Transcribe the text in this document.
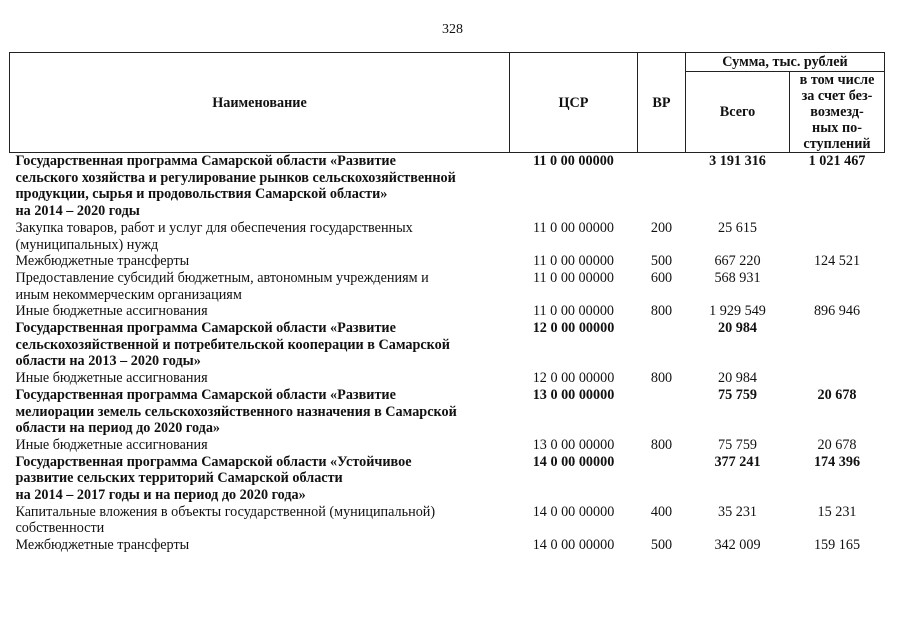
328
Наименование	ЦСР	ВР	Сумма, тыс. рублей	
			Всего	в том числе
за счет без-
возмезд-
ных по-
ступлений

Государственная программа Самарской области «Развитие
сельского хозяйства и регулирование рынков сельскохозяйственной
продукции, сырья и продовольствия Самарской области»
на 2014 – 2020 годы	11 0 00 00000		3 191 316	1 021 467

Закупка товаров, работ и услуг для обеспечения государственных
(муниципальных) нужд	11 0 00 00000	200	25 615	

Межбюджетные трансферты	11 0 00 00000	500	667 220	124 521

Предоставление субсидий бюджетным, автономным учреждениям и
иным некоммерческим организациям	11 0 00 00000	600	568 931	

Иные бюджетные ассигнования	11 0 00 00000	800	1 929 549	896 946

Государственная программа Самарской области «Развитие
сельскохозяйственной и потребительской кооперации в Самарской
области на 2013 – 2020 годы»	12 0 00 00000		20 984	

Иные бюджетные ассигнования	12 0 00 00000	800	20 984	

Государственная программа Самарской области «Развитие
мелиорации земель сельскохозяйственного назначения в Самарской
области на период до 2020 года»	13 0 00 00000		75 759	20 678

Иные бюджетные ассигнования	13 0 00 00000	800	75 759	20 678

Государственная программа Самарской области «Устойчивое
развитие сельских территорий Самарской области
на 2014 – 2017 годы и на период до 2020 года»	14 0 00 00000		377 241	174 396

Капитальные вложения в объекты государственной (муниципальной)
собственности	14 0 00 00000	400	35 231	15 231

Межбюджетные трансферты	14 0 00 00000	500	342 009	159 165
